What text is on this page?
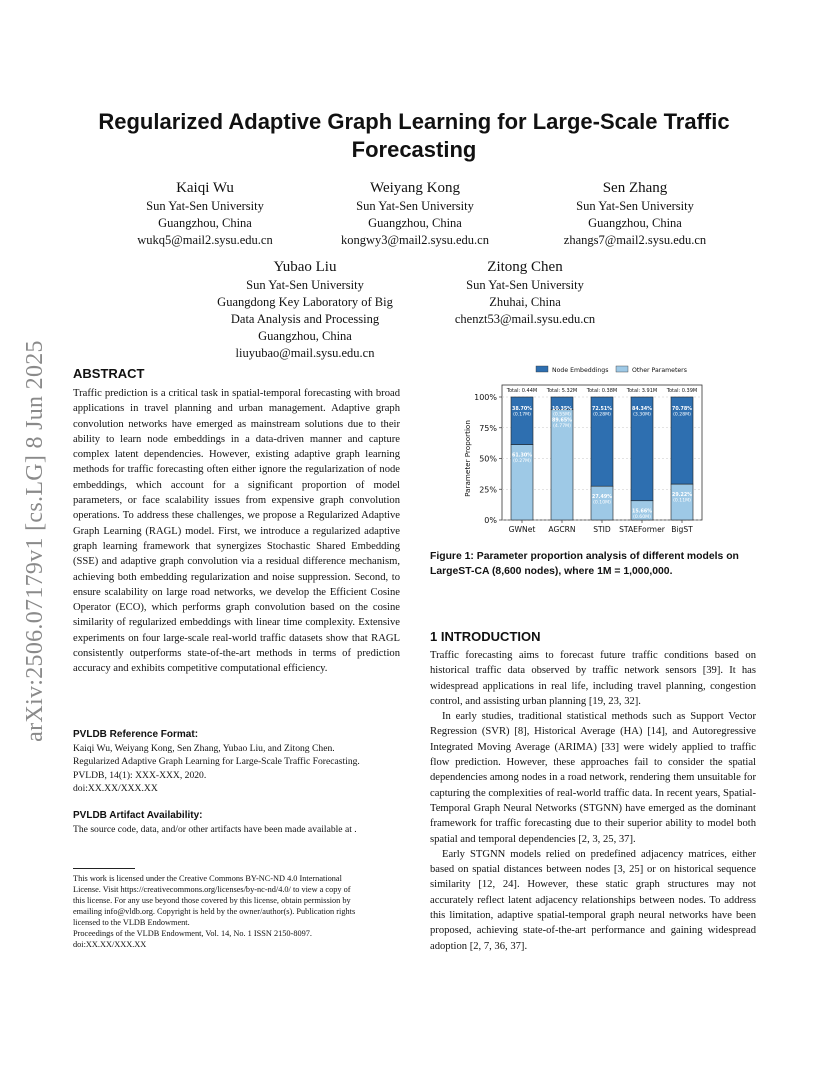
arXiv:2506.07179v1 [cs.LG] 8 Jun 2025
Regularized Adaptive Graph Learning for Large-Scale Traffic Forecasting
Kaiqi Wu
Sun Yat-Sen University
Guangzhou, China
wukq5@mail2.sysu.edu.cn
Weiyang Kong
Sun Yat-Sen University
Guangzhou, China
kongwy3@mail2.sysu.edu.cn
Sen Zhang
Sun Yat-Sen University
Guangzhou, China
zhangs7@mail2.sysu.edu.cn
Yubao Liu
Sun Yat-Sen University
Guangdong Key Laboratory of Big
Data Analysis and Processing
Guangzhou, China
liuyubao@mail.sysu.edu.cn
Zitong Chen
Sun Yat-Sen University
Zhuhai, China
chenzt53@mail.sysu.edu.cn
ABSTRACT
Traffic prediction is a critical task in spatial-temporal forecasting with broad applications in travel planning and urban management. Adaptive graph convolution networks have emerged as mainstream solutions due to their ability to learn node embeddings in a data-driven manner and capture complex latent dependencies. However, existing adaptive graph learning methods for traffic forecasting often either ignore the regularization of node embeddings, which account for a significant proportion of model parameters, or face scalability issues from expensive graph convolution operations. To address these challenges, we propose a Regularized Adaptive Graph Learning (RAGL) model. First, we introduce a regularized adaptive graph learning framework that synergizes Stochastic Shared Embedding (SSE) and adaptive graph convolution via a residual difference mechanism, achieving both embedding regularization and noise suppression. Second, to ensure scalability on large road networks, we develop the Efficient Cosine Operator (ECO), which performs graph convolution based on the cosine similarity of regularized embeddings with linear time complexity. Extensive experiments on four large-scale real-world traffic datasets show that RAGL consistently outperforms state-of-the-art methods in terms of prediction accuracy and exhibits competitive computational efficiency.
PVLDB Reference Format:
Kaiqi Wu, Weiyang Kong, Sen Zhang, Yubao Liu, and Zitong Chen.
Regularized Adaptive Graph Learning for Large-Scale Traffic Forecasting.
PVLDB, 14(1): XXX-XXX, 2020.
doi:XX.XX/XXX.XX
PVLDB Artifact Availability:
The source code, data, and/or other artifacts have been made available at .
This work is licensed under the Creative Commons BY-NC-ND 4.0 International
License. Visit https://creativecommons.org/licenses/by-nc-nd/4.0/ to view a copy of
this license. For any use beyond those covered by this license, obtain permission by
emailing info@vldb.org. Copyright is held by the owner/author(s). Publication rights
licensed to the VLDB Endowment.
Proceedings of the VLDB Endowment, Vol. 14, No. 1 ISSN 2150-8097.
doi:XX.XX/XXX.XX
0%
25%
50%
75%
100%
Parameter Proportion
Node Embeddings	Other Parameters
61.30%
(0.27M)
38.70%
(0.17M)
Total: 0.44M
GWNet
89.65%
(4.77M)
10.35%
(0.55M)
Total: 5.32M
AGCRN
27.49%
(0.10M)
72.51%
(0.28M)
Total: 0.38M
STID
15.66%
(0.60M)
84.34%
(3.30M)
Total: 3.91M
STAEFormer
29.22%
(0.11M)
70.78%
(0.28M)
Total: 0.39M
BigST
Figure 1: Parameter proportion analysis of different models on LargeST-CA (8,600 nodes), where 1M = 1,000,000.
1 INTRODUCTION
Traffic forecasting aims to forecast future traffic conditions based on historical traffic data observed by traffic network sensors [39]. It has widespread applications in real life, including travel planning, congestion control, and assisting urban planning [19, 23, 32].
In early studies, traditional statistical methods such as Support Vector Regression (SVR) [8], Historical Average (HA) [14], and Autoregressive Integrated Moving Average (ARIMA) [33] were widely applied to traffic flow prediction. However, these approaches fail to consider the spatial dependencies among nodes in a road network, rendering them unsuitable for capturing the complexities of real-world traffic data. In recent years, Spatial-Temporal Graph Neural Networks (STGNN) have emerged as the dominant framework for traffic forecasting due to their superior ability to model both spatial and temporal dependencies [2, 3, 25, 37].
Early STGNN models relied on predefined adjacency matrices, either based on spatial distances between nodes [3, 25] or on historical sequence similarity [12, 24]. However, these static graph structures may not accurately reflect latent adjacency relationships between nodes. To address this limitation, adaptive spatial-temporal graph neural networks have been proposed, achieving state-of-the-art performance and gaining widespread adoption [2, 7, 36, 37].
